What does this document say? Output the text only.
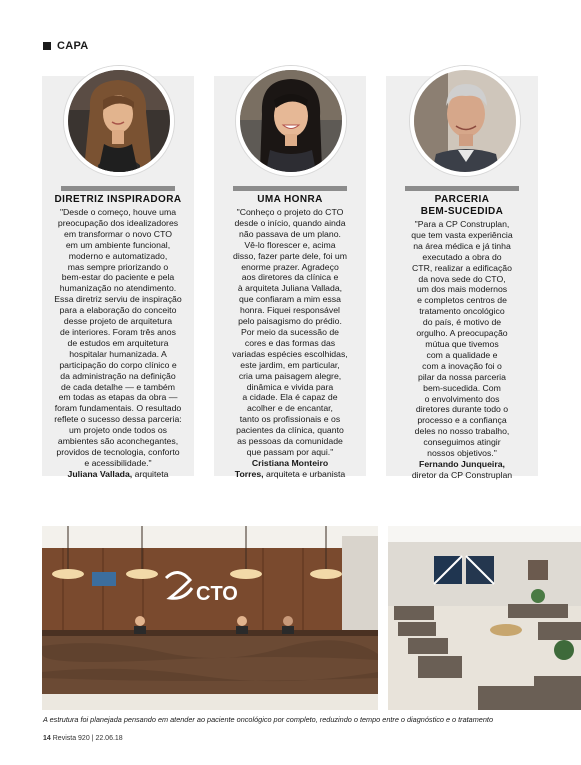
CAPA
DIRETRIZ INSPIRADORA
"Desde o começo, houve uma
preocupação dos idealizadores
em transformar o novo CTO
em um ambiente funcional,
moderno e automatizado,
mas sempre priorizando o
bem-estar do paciente e pela
humanização no atendimento.
Essa diretriz serviu de inspiração
para a elaboração do conceito
desse projeto de arquitetura
de interiores. Foram três anos
de estudos em arquitetura
hospitalar humanizada. A
participação do corpo clínico e
da administração na definição
de cada detalhe — e também
em todas as etapas da obra —
foram fundamentais. O resultado
reflete o sucesso dessa parceria:
um projeto onde todos os
ambientes são aconchegantes,
providos de tecnologia, conforto
e acessibilidade."
Juliana Vallada, arquiteta
UMA HONRA
"Conheço o projeto do CTO
desde o início, quando ainda
não passava de um plano.
Vê-lo florescer e, acima
disso, fazer parte dele, foi um
enorme prazer. Agradeço
aos diretores da clínica e
à arquiteta Juliana Vallada,
que confiaram a mim essa
honra. Fiquei responsável
pelo paisagismo do prédio.
Por meio da sucessão de
cores e das formas das
variadas espécies escolhidas,
este jardim, em particular,
cria uma paisagem alegre,
dinâmica e vivida para
a cidade. Ela é capaz de
acolher e de encantar,
tanto os profissionais e os
pacientes da clínica, quanto
as pessoas da comunidade
que passam por aqui."
Cristiana Monteiro
Torres, arquiteta e urbanista
PARCERIA
BEM-SUCEDIDA
"Para a CP Construplan,
que tem vasta experiência
na área médica e já tinha
executado a obra do
CTR, realizar a edificação
da nova sede do CTO,
um dos mais modernos
e completos centros de
tratamento oncológico
do país, é motivo de
orgulho. A preocupação
mútua que tivemos
com a qualidade e
com a inovação foi o
pilar da nossa parceria
bem-sucedida. Com
o envolvimento dos
diretores durante todo o
processo e a confiança
deles no nosso trabalho,
conseguimos atingir
nossos objetivos."
Fernando Junqueira,
diretor da CP Construplan
CTO
A estrutura foi planejada pensando em atender ao paciente oncológico por completo, reduzindo o tempo entre o diagnóstico e o tratamento
14 Revista 920 | 22.06.18
